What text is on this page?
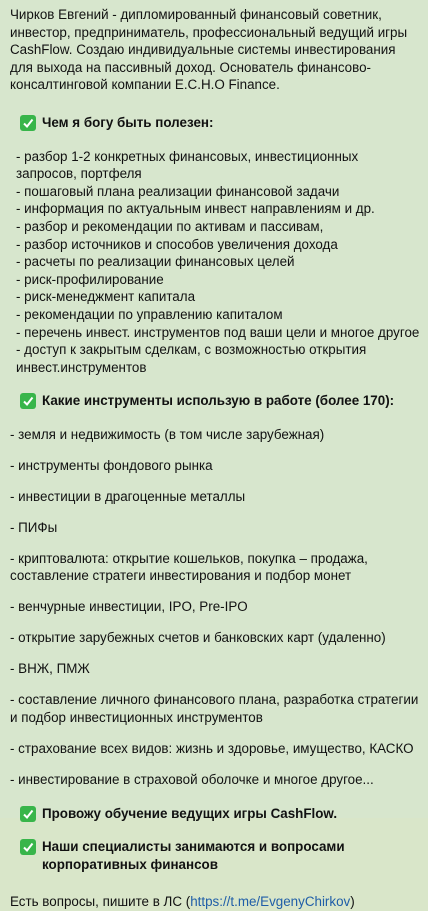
Чирков Евгений - дипломированный финансовый советник, инвестор, предприниматель, профессиональный ведущий игры CashFlow. Создаю индивидуальные системы инвестирования для выхода на пассивный доход. Основатель финансово-консалтинговой компании E.C.H.O Finance.

Чем я богу быть полезен:

- разбор 1-2 конкретных финансовых, инвестиционных запросов, портфеля

- пошаговый плана реализации финансовой задачи

- информация по актуальным инвест направлениям и др.

- разбор и рекомендации по активам и пассивам,

- разбор источников и способов увеличения дохода

- расчеты по реализации финансовых целей

- риск-профилирование

- риск-менеджмент капитала

- рекомендации по управлению капиталом

- перечень инвест. инструментов под ваши цели и многое другое

- доступ к закрытым сделкам, с возможностью открытия инвест.инструментов

Какие инструменты использую в работе (более 170):

- земля и недвижимость (в том числе зарубежная)

- инструменты фондового рынка

- инвестиции в драгоценные металлы

- ПИФы

- криптовалюта: открытие кошельков, покупка – продажа, составление стратеги инвестирования и подбор монет

- венчурные инвестиции, IPO, Pre-IPO

- открытие зарубежных счетов и банковских карт (удаленно)

- ВНЖ, ПМЖ

- составление личного финансового плана, разработка стратегии и подбор инвестиционных инструментов

- страхование всех видов: жизнь и здоровье, имущество, КАСКО

- инвестирование в страховой оболочке и многое другое...

Провожу обучение ведущих игры CashFlow.
Наши специалисты занимаются и вопросами корпоративных финансов

Есть вопросы, пишите в ЛС (https://t.me/EvgenyChirkov)
